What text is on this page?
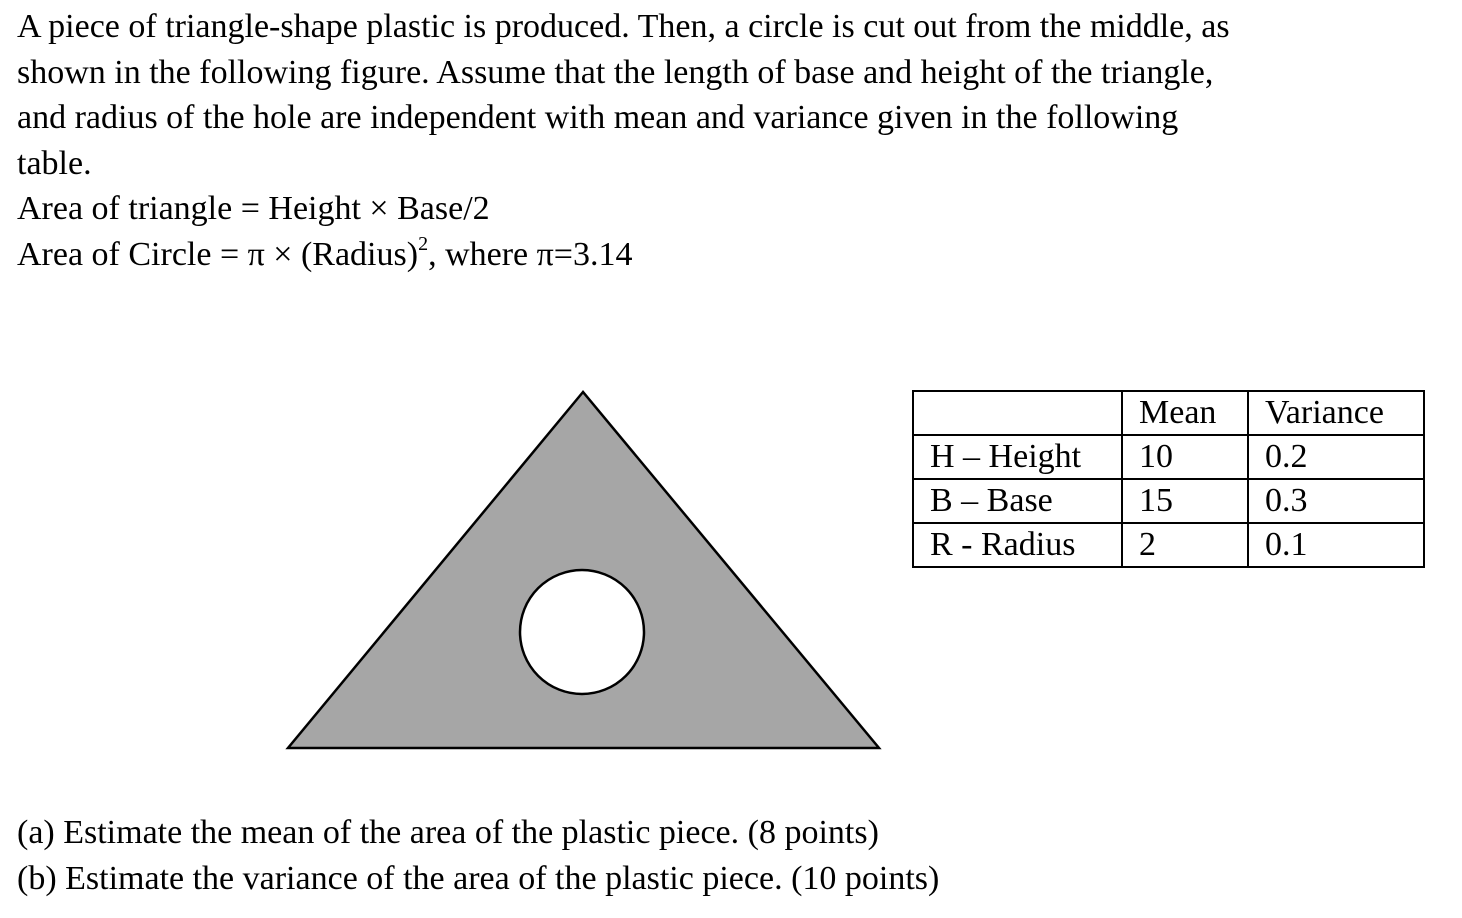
A piece of triangle-shape plastic is produced. Then, a circle is cut out from the middle, as
shown in the following figure. Assume that the length of base and height of the triangle,
and radius of the hole are independent with mean and variance given in the following
table.
Area of triangle = Height × Base/2
Area of Circle = π × (Radius)$^2$, where π=3.14
	Mean	Variance
H – Height	10	0.2
B – Base	15	0.3
R - Radius	2	0.1
(a) Estimate the mean of the area of the plastic piece. (8 points)
(b) Estimate the variance of the area of the plastic piece. (10 points)
